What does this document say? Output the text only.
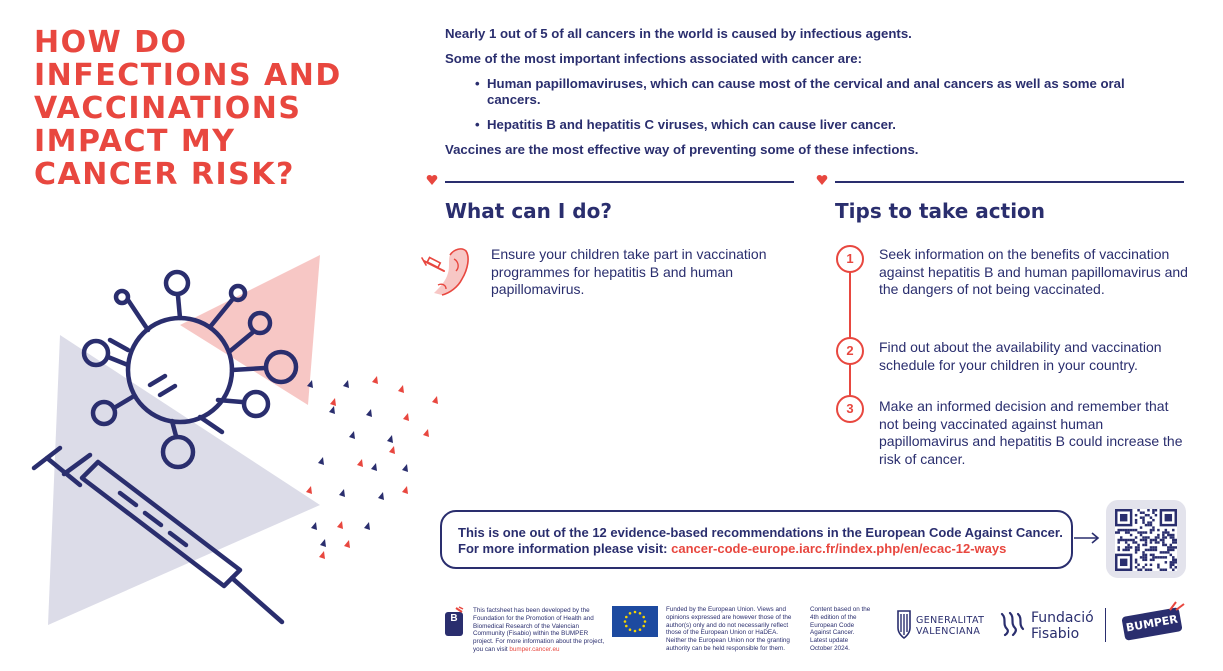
HOW DO
INFECTIONS AND
VACCINATIONS
IMPACT MY
CANCER RISK?

Nearly 1 out of 5 of all cancers in the world is caused by infectious agents.

Some of the most important infections associated with cancer are:

• Human papillomaviruses, which can cause most of the cervical and anal cancers as well as some oral cancers.
• Hepatitis B and hepatitis C viruses, which can cause liver cancer.

Vaccines are the most effective way of preventing some of these infections.

What can I do?
Ensure your children take part in vaccination programmes for hepatitis B and human papillomavirus.
Tips to take action
1	Seek information on the benefits of vaccination against hepatitis B and human papillomavirus and the dangers of not being vaccinated.
2	Find out about the availability and vaccination schedule for your children in your country.
3	Make an informed decision and remember that not being vaccinated against human papillomavirus and hepatitis B could increase the risk of cancer.
This is one out of the 12 evidence-based recommendations in the European Code Against Cancer.
For more information please visit: cancer-code-europe.iarc.fr/index.php/en/ecac-12-ways
B
This factsheet has been developed by the Foundation for the Promotion of Health and Biomedical Research of the Valencian Community (Fisabio) within the BUMPER project. For more information about the project, you can visit bumper.cancer.eu
Funded by the European Union. Views and opinions expressed are however those of the author(s) only and do not necessarily reflect those of the European Union or HaDEA. Neither the European Union nor the granting authority can be held responsible for them.
Content based on the 4th edition of the European Code Against Cancer. Latest update October 2024.
GENERALITAT
VALENCIANA
Fundació
Fisabio	BUMPER
